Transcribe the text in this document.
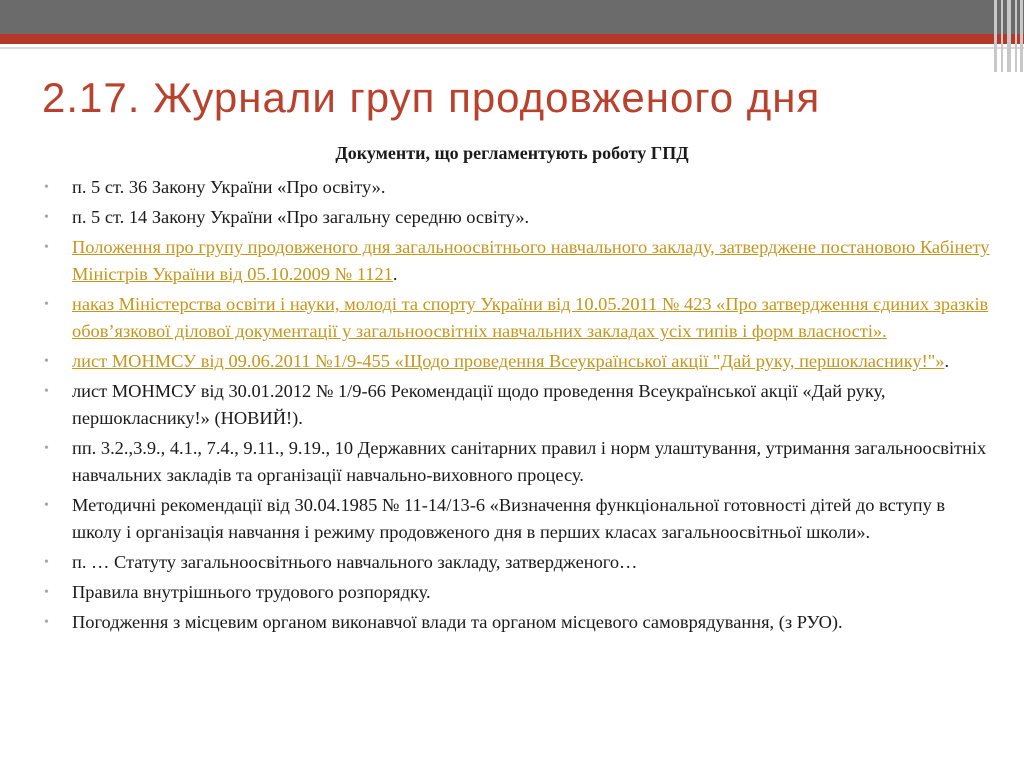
2.17. Журнали груп продовженого дня
Документи, що регламентують роботу ГПД
• п. 5 ст. 36 Закону України «Про освіту».
• п. 5 ст. 14 Закону України «Про загальну середню освіту».
• Положення про групу продовженого дня загальноосвітнього навчального закладу, затверджене постановою Кабінету Міністрів України від 05.10.2009 № 1121.
• наказ Міністерства освіти і науки, молоді та спорту України від 10.05.2011 № 423 «Про затвердження єдиних зразків обов’язкової ділової документації у загальноосвітніх навчальних закладах усіх типів і форм власності».
• лист МОНМСУ від 09.06.2011 №1/9-455 «Щодо проведення Всеукраїнської акції "Дай руку, першокласнику!"».
• лист МОНМСУ від 30.01.2012 № 1/9-66 Рекомендації щодо проведення Всеукраїнської акції «Дай руку, першокласнику!» (НОВИЙ!).
• пп. 3.2.,3.9., 4.1., 7.4., 9.11., 9.19., 10 Державних санітарних правил і норм улаштування, утримання загальноосвітніх навчальних закладів та організації навчально-виховного процесу.
• Методичні рекомендації від 30.04.1985 № 11-14/13-6 «Визначення функціональної готовності дітей до вступу в школу і організація навчання і режиму продовженого дня в перших класах загальноосвітньої школи».
• п. … Статуту загальноосвітнього навчального закладу, затвердженого…
• Правила внутрішнього трудового розпорядку.
• Погодження з місцевим органом виконавчої влади та органом місцевого самоврядування, (з РУО).
